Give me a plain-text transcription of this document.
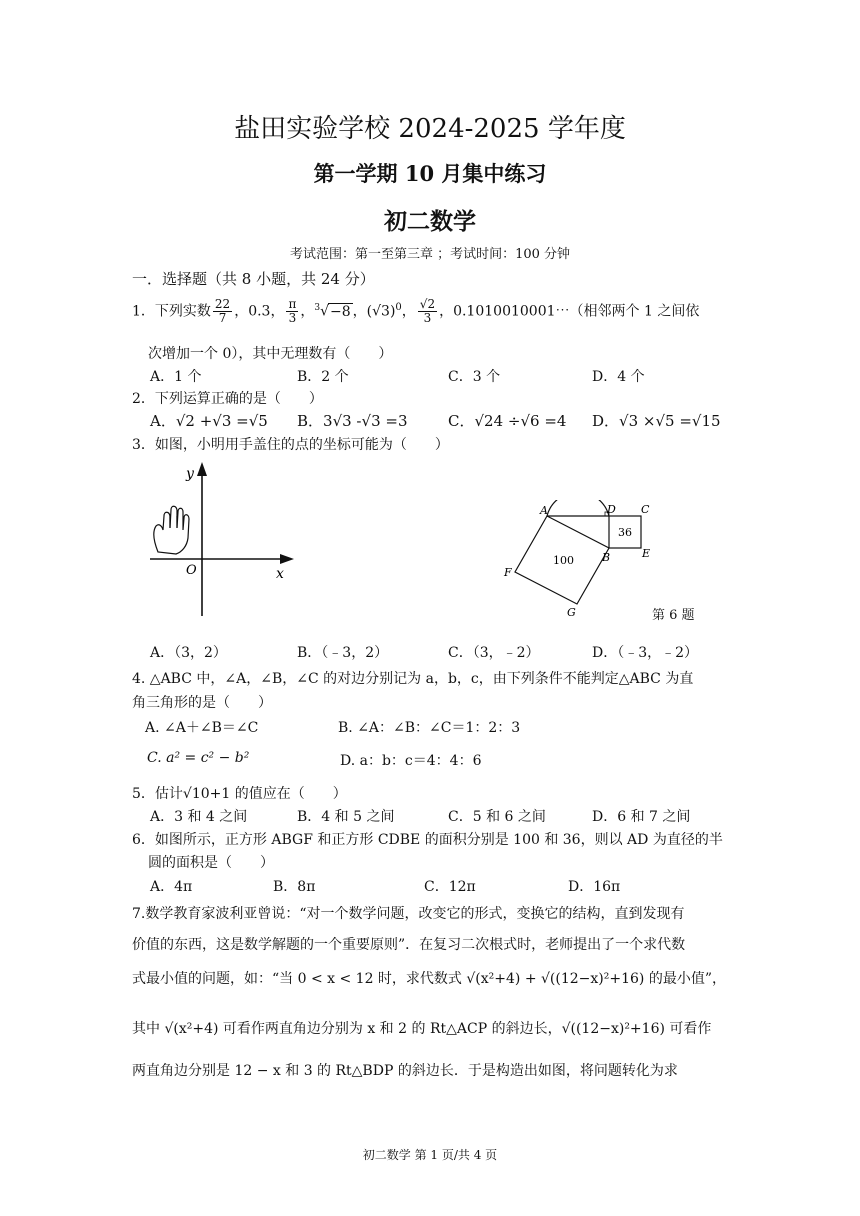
盐田实验学校 2024-2025 学年度
第一学期 10 月集中练习
初二数学
考试范围：第一至第三章 ；考试时间：100 分钟
一．选择题（共 8 小题，共 24 分）
1．下列实数 $\frac{22}{7}$ ，0.3， $\frac{\pi}{3}$ ，$^3$√−8 ，$(√3)^0$， $\frac{√2}{3}$ ，0.1010010001⋯（相邻两个 1 之间依
次增加一个 0），其中无理数有（　　）
A．1 个	B．2 个	C．3 个	D．4 个
2．下列运算正确的是（　　）
A．√2 +√3 =√5 B．3√3 -√3 =3	C．√24 ÷√6 =4 D．√3 ×√5 =√15
3．如图，小明用手盖住的点的坐标可能为（　　）
y
O	x
A	D C
E
B
F
G
36
100
第 6 题
A．（3，2）	B．（﹣3，2）	C．（3，﹣2）	D．（﹣3，﹣2）
4. △ABC 中，∠A，∠B，∠C 的对边分别记为 a，b，c，由下列条件不能判定△ABC 为直
角三角形的是（　　）
A. ∠A＋∠B＝∠C	B. ∠A：∠B：∠C＝1：2：3
C. a² = c² − b²	D. a：b：c＝4：4：6
5．估计√10+1 的值应在（　　）
A．3 和 4 之间	B．4 和 5 之间	C．5 和 6 之间	D．6 和 7 之间
6．如图所示，正方形 ABGF 和正方形 CDBE 的面积分别是 100 和 36，则以 AD 为直径的半
圆的面积是（　　）
A．4π	B．8π	C．12π	D．16π
7.数学教育家波利亚曾说：“对一个数学问题，改变它的形式，变换它的结构，直到发现有
价值的东西，这是数学解题的一个重要原则”．在复习二次根式时，老师提出了一个求代数
式最小值的问题，如：“当 0 < x < 12 时，求代数式 √(x²+4) + √((12−x)²+16) 的最小值”，
其中 √(x²+4) 可看作两直角边分别为 x 和 2 的 Rt△ACP 的斜边长，√((12−x)²+16) 可看作
两直角边分别是 12 − x 和 3 的 Rt△BDP 的斜边长．于是构造出如图，将问题转化为求
初二数学 第 1 页/共 4 页
